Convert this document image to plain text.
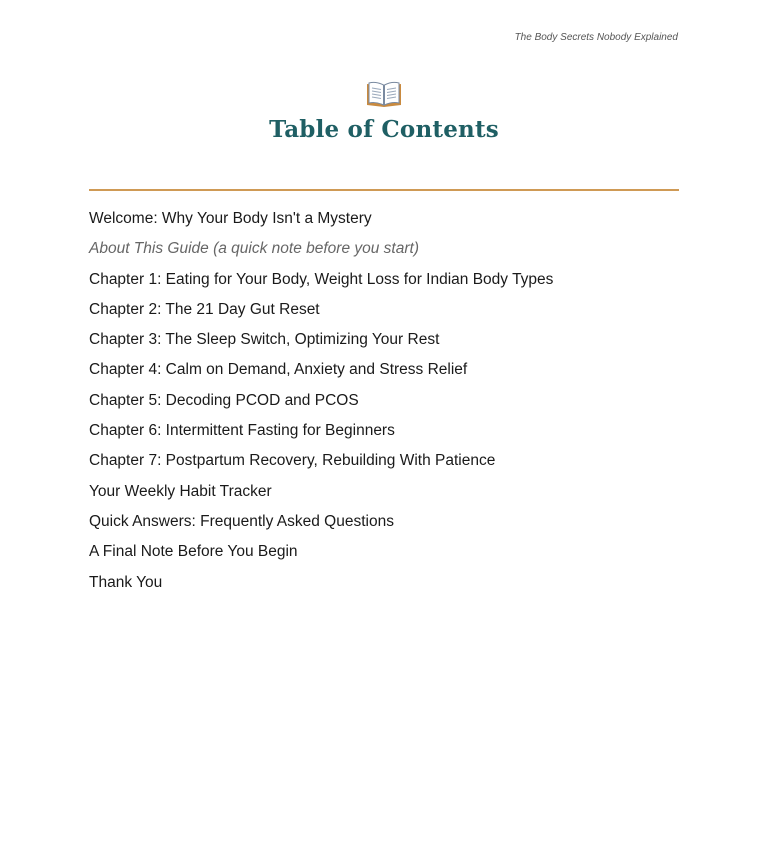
The Body Secrets Nobody Explained
Table of Contents
Welcome: Why Your Body Isn't a Mystery
About This Guide (a quick note before you start)
Chapter 1: Eating for Your Body, Weight Loss for Indian Body Types
Chapter 2: The 21 Day Gut Reset
Chapter 3: The Sleep Switch, Optimizing Your Rest
Chapter 4: Calm on Demand, Anxiety and Stress Relief
Chapter 5: Decoding PCOD and PCOS
Chapter 6: Intermittent Fasting for Beginners
Chapter 7: Postpartum Recovery, Rebuilding With Patience
Your Weekly Habit Tracker
Quick Answers: Frequently Asked Questions
A Final Note Before You Begin
Thank You
